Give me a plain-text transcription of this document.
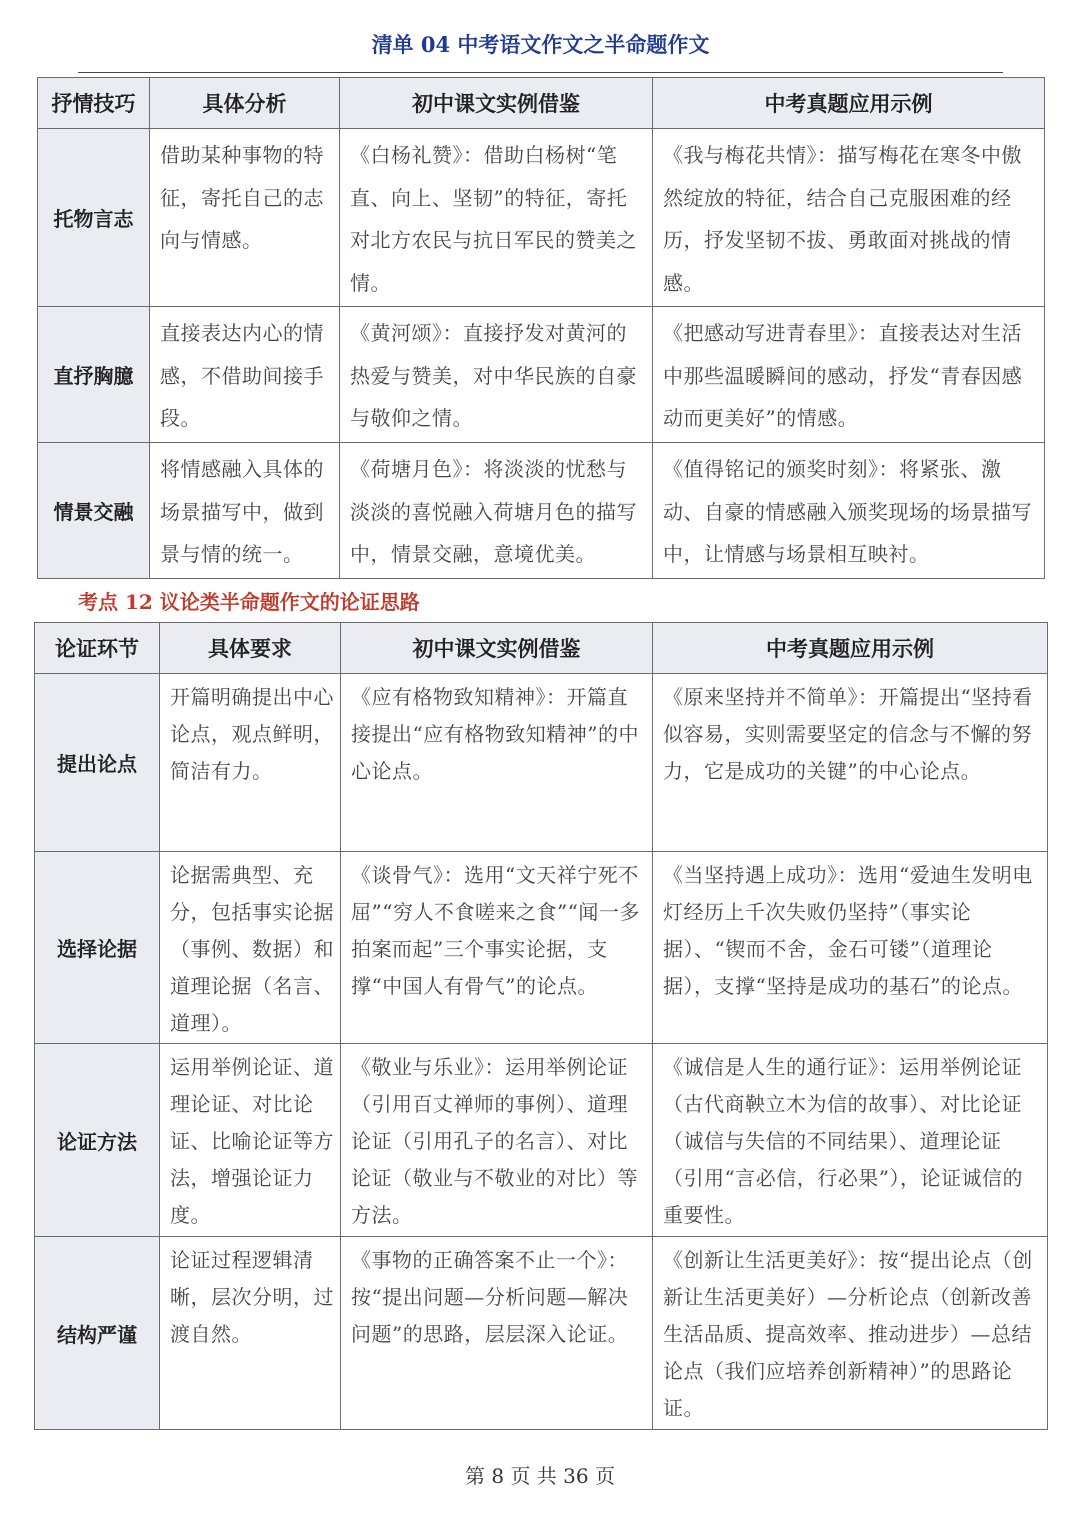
清单 04 中考语文作文之半命题作文
抒情技巧	具体分析	初中课文实例借鉴	中考真题应用示例
托物言志	借助某种事物的特征，寄托自己的志向与情感。	《白杨礼赞》：借助白杨树“笔直、向上、坚韧”的特征，寄托对北方农民与抗日军民的赞美之情。	《我与梅花共情》：描写梅花在寒冬中傲然绽放的特征，结合自己克服困难的经历，抒发坚韧不拔、勇敢面对挑战的情感。
直抒胸臆	直接表达内心的情感，不借助间接手段。	《黄河颂》：直接抒发对黄河的热爱与赞美，对中华民族的自豪与敬仰之情。	《把感动写进青春里》：直接表达对生活中那些温暖瞬间的感动，抒发“青春因感动而更美好”的情感。
情景交融	将情感融入具体的场景描写中，做到景与情的统一。	《荷塘月色》：将淡淡的忧愁与淡淡的喜悦融入荷塘月色的描写中，情景交融，意境优美。	《值得铭记的颁奖时刻》：将紧张、激动、自豪的情感融入颁奖现场的场景描写中，让情感与场景相互映衬。
考点 12 议论类半命题作文的论证思路
论证环节	具体要求	初中课文实例借鉴	中考真题应用示例
提出论点	开篇明确提出中心论点，观点鲜明，简洁有力。	《应有格物致知精神》：开篇直接提出“应有格物致知精神”的中心论点。	《原来坚持并不简单》：开篇提出“坚持看似容易，实则需要坚定的信念与不懈的努力，它是成功的关键”的中心论点。
选择论据	论据需典型、充分，包括事实论据（事例、数据）和道理论据（名言、道理）。	《谈骨气》：选用“文天祥宁死不屈”“穷人不食嗟来之食”“闻一多拍案而起”三个事实论据，支撑“中国人有骨气”的论点。	《当坚持遇上成功》：选用“爱迪生发明电灯经历上千次失败仍坚持”（事实论据）、“锲而不舍，金石可镂”（道理论据），支撑“坚持是成功的基石”的论点。
论证方法	运用举例论证、道理论证、对比论证、比喻论证等方法，增强论证力度。	《敬业与乐业》：运用举例论证（引用百丈禅师的事例）、道理论证（引用孔子的名言）、对比论证（敬业与不敬业的对比）等方法。	《诚信是人生的通行证》：运用举例论证（古代商鞅立木为信的故事）、对比论证（诚信与失信的不同结果）、道理论证（引用“言必信，行必果”），论证诚信的重要性。
结构严谨	论证过程逻辑清晰，层次分明，过渡自然。	《事物的正确答案不止一个》：按“提出问题—分析问题—解决问题”的思路，层层深入论证。	《创新让生活更美好》：按“提出论点（创新让生活更美好）—分析论点（创新改善生活品质、提高效率、推动进步）—总结论点（我们应培养创新精神）”的思路论证。
第 8 页 共 36 页
